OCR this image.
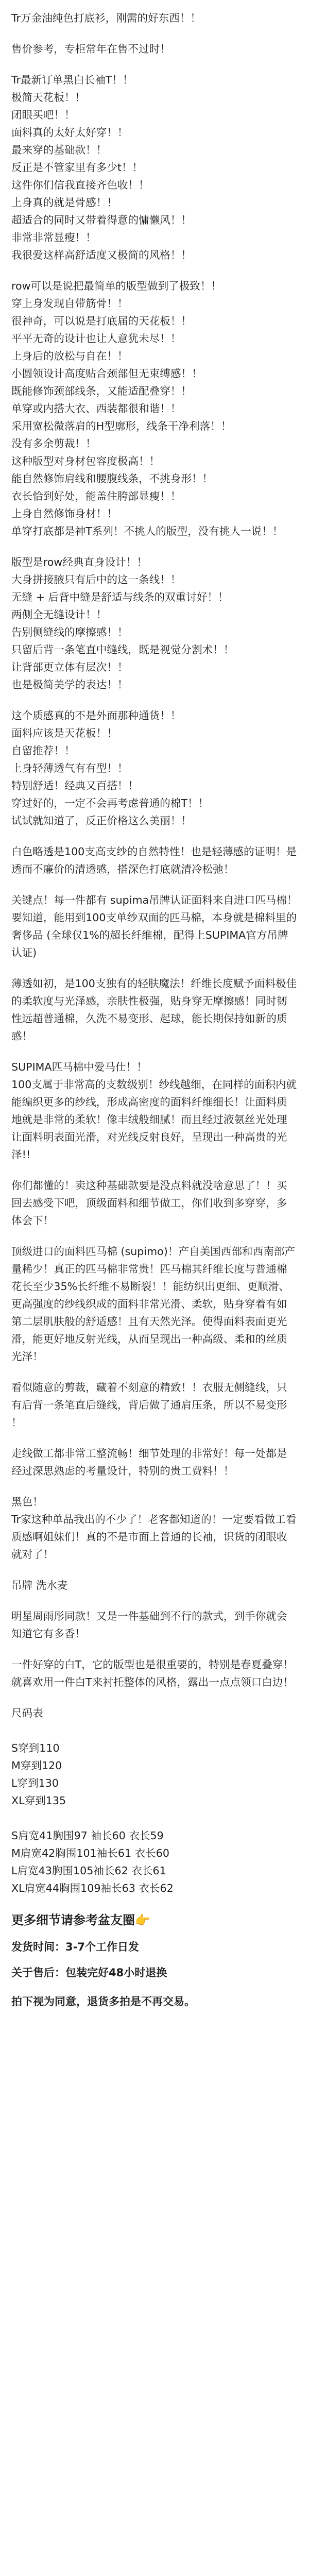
Tr万金油纯色打底衫，刚需的好东西！！
售价参考，专柜常年在售不过时！
Tr最新订单黑白长袖T！！
极简天花板！！
闭眼买吧！！
面料真的太好太好穿！！
最来穿的基础款！！
反正是不管家里有多少t！！
这件你们信我直接齐色收！！
上身真的就是骨感！！
超适合的同时又带着得意的慵懒风！！
非常非常显瘦！！
我很爱这样高舒适度又极简的风格！！
row可以是说把最简单的版型做到了极致！！
穿上身发现自带筋骨！！
很神奇，可以说是打底届的天花板！！
平平无奇的设计也让人意犹未尽！！
上身后的放松与自在！！
小圆领设计高度贴合颈部但无束缚感！！
既能修饰颈部线条，又能适配叠穿！！
单穿或内搭大衣、西装都很和谐！！
采用宽松微落肩的H型廓形，线条干净利落！！
没有多余剪裁！！
这种版型对身材包容度极高！！
能自然修饰肩线和腰腹线条，不挑身形！！
衣长恰到好处，能盖住胯部显瘦！！
上身自然修饰身材！！
单穿打底都是神T系列！不挑人的版型，没有挑人一说！！
版型是row经典直身设计！！
大身拼接腋只有后中的这一条线！！
无缝 + 后背中缝是舒适与线条的双重讨好！！
两侧全无缝设计！！
告别侧缝线的摩擦感！！
只留后背一条笔直中缝线，既是视觉分割术！！
让背部更立体有层次！！
也是极简美学的表达！！
这个质感真的不是外面那种通货！！
面料应该是天花板！！
自留推荐！！
上身轻薄透气有有型！！
特别舒适！经典又百搭！！
穿过好的，一定不会再考虑普通的棉T！！
试试就知道了，反正价格这么美丽！！
白色略透是100支高支纱的自然特性！也是轻薄感的证明！是
透而不廉价的清透感，搭深色打底就清冷松弛！
关键点！每一件都有 supima吊牌认证面料来自进口匹马棉！
要知道，能用到100支单纱双面的匹马棉，本身就是棉料里的
奢侈品 (全球仅1%的超长纤维棉，配得上SUPIMA官方吊牌
认证)
薄透如初，是100支独有的轻肤魔法！纤维长度赋予面料极佳
的柔软度与光泽感，亲肤性极强，贴身穿无摩擦感！同时韧
性远超普通棉，久洗不易变形、起球，能长期保持如新的质
感！
SUPIMA匹马棉中爱马仕！！
100支属于非常高的支数级别！纱线越细，在同样的面积内就
能编织更多的纱线，形成高密度的面料纤维细长！让面料质
地就是非常的柔软！像丰绒般细腻！而且经过液氨丝光处理
让面料明表面光滑，对光线反射良好，呈现出一种高贵的光
泽!!
你们都懂的！卖这种基础款要是没点料就没啥意思了！！买
回去感受下吧，顶级面料和细节做工，你们收到多穿穿，多
体会下！
顶级进口的面料匹马棉 (supimo)！产自美国西部和西南部产
量稀少！真正的匹马棉非常贵！匹马棉其纤维长度与普通棉
花长至少35%长纤维不易断裂！！能纺织出更细、更顺滑、
更高强度的纱线织成的面料非常光滑、柔软，贴身穿着有如
第二层肌肤般的舒适感！且有天然光泽。使得面料表面更光
滑，能更好地反射光线，从而呈现出一种高级、柔和的丝质
光泽！
看似随意的剪裁，藏着不刻意的精致！！衣服无侧缝线，只
有后背一条笔直后缝线，背后做了通肩压条，所以不易变形
！
走线做工都非常工整流畅！细节处理的非常好！每一处都是
经过深思熟虑的考量设计，特别的贵工费料！！
黑色！
Tr家这种单品我出的不少了！老客都知道的！一定要看做工看
质感啊姐妹们！真的不是市面上普通的长袖，识货的闭眼收
就对了！
吊牌 洗水麦
明星周雨彤同款！又是一件基础到不行的款式，到手你就会
知道它有多香！
一件好穿的白T，它的版型也是很重要的，特别是春夏叠穿！
就喜欢用一件白T来衬托整体的风格，露出一点点领口白边！
尺码表
S穿到110
M穿到120
L穿到130
XL穿到135
S肩宽41胸围97 袖长60 衣长59
M肩宽42胸围101袖长61 衣长60
L肩宽43胸围105袖长62 衣长61
XL肩宽44胸围109袖长63 衣长62
更多细节请参考盆友圈👉
发货时间：3-7个工作日发
关于售后：包装完好48小时退换
拍下视为同意，退货多拍是不再交易。
